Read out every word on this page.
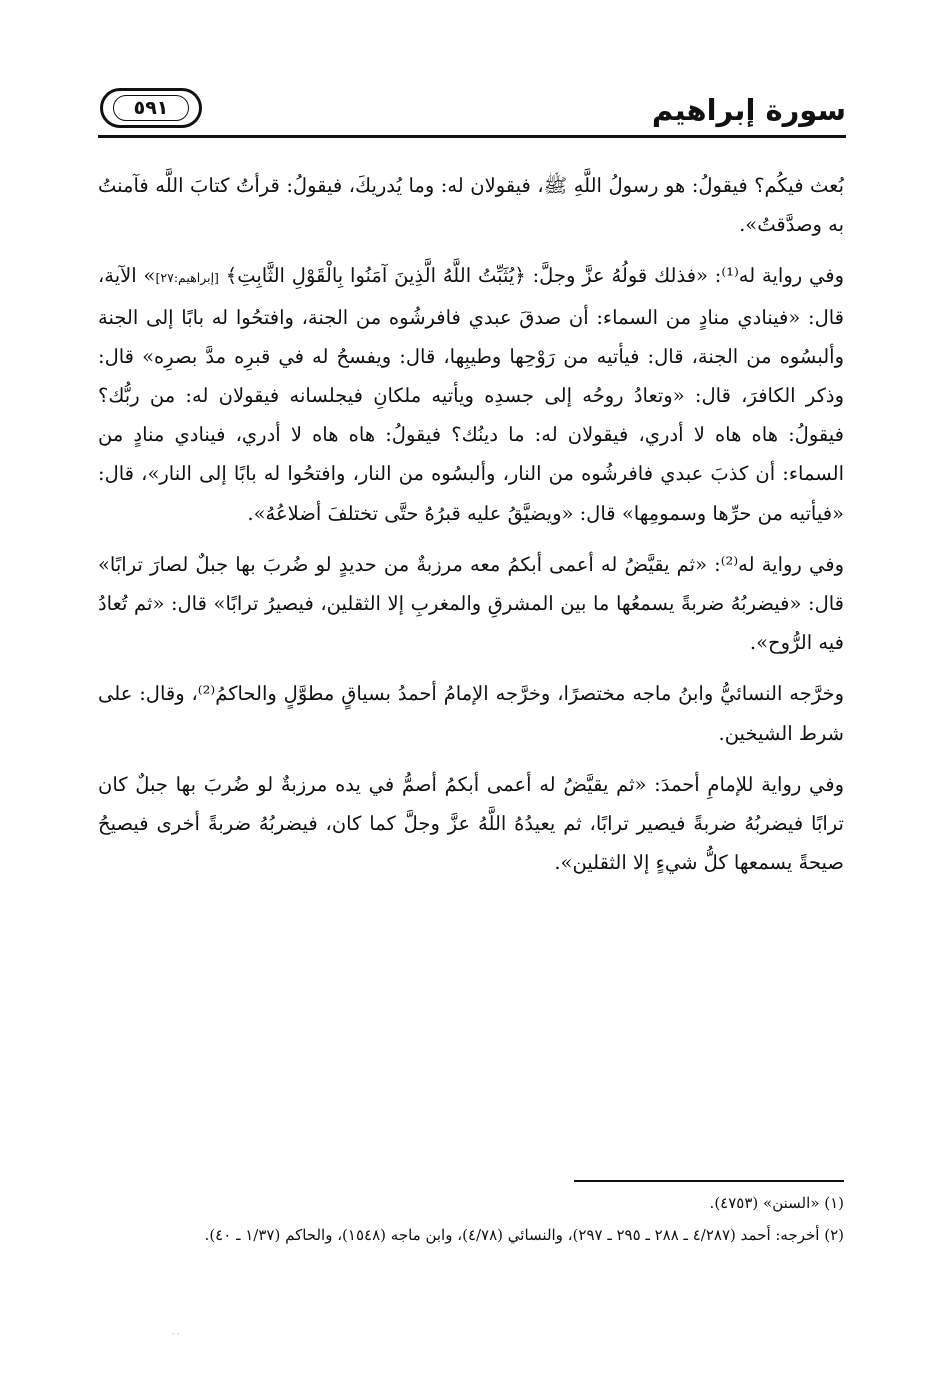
سورة إبراهيم
٥٩١

بُعث فيكُم؟ فيقولُ: هو رسولُ اللَّهِ ﷺ، فيقولان له: وما يُدريكَ، فيقولُ: قرأتُ كتابَ اللَّه فآمنتُ به وصدَّقتُ».

وفي رواية له⁽¹⁾: «فذلك قولُهُ عزَّ وجلَّ: ﴿يُثَبِّتُ اللَّهُ الَّذِينَ آمَنُوا بِالْقَوْلِ الثَّابِتِ﴾ [إبراهيم:٢٧]» الآية، قال: «فينادي منادٍ من السماء: أن صدقَ عبدي فافرشُوه من الجنة، وافتحُوا له بابًا إلى الجنة وألبسُوه من الجنة، قال: فيأتيه من رَوْحِها وطيبِها، قال: ويفسحُ له في قبرِه مدَّ بصرِه» قال: وذكر الكافرَ، قال: «وتعادُ روحُه إلى جسدِه ويأتيه ملكانِ فيجلسانه فيقولان له: من ربُّك؟ فيقولُ: هاه هاه لا أدري، فيقولان له: ما دينُك؟ فيقولُ: هاه هاه لا أدري، فينادي منادٍ من السماء: أن كذبَ عبدي فافرشُوه من النار، وألبسُوه من النار، وافتحُوا له بابًا إلى النار»، قال: «فيأتيه من حرِّها وسمومِها» قال: «ويضيَّقُ عليه قبرُهُ حتَّى تختلفَ أضلاعُهُ».

وفي رواية له⁽²⁾: «ثم يقيَّضُ له أعمى أبكمُ معه مرزبةٌ من حديدٍ لو ضُربَ بها جبلٌ لصارَ ترابًا» قال: «فيضربُهُ ضربةً يسمعُها ما بين المشرقِ والمغربِ إلا الثقلين، فيصيرُ ترابًا» قال: «ثم تُعادُ فيه الرُّوح».

وخرَّجه النسائيُّ وابنُ ماجه مختصرًا، وخرَّجه الإمامُ أحمدُ بسياقٍ مطوَّلٍ والحاكمُ⁽²⁾، وقال: على شرط الشيخين.

وفي رواية للإمامِ أحمدَ: «ثم يقيَّضُ له أعمى أبكمُ أصمُّ في يده مرزبةٌ لو ضُربَ بها جبلٌ كان ترابًا فيضربُهُ ضربةً فيصير ترابًا، ثم يعيدُهُ اللَّهُ عزَّ وجلَّ كما كان، فيضربُهُ ضربةً أخرى فيصيحُ صيحةً يسمعها كلُّ شيءٍ إلا الثقلين».

(١) «السنن» (٤٧٥٣).

(٢) أخرجه: أحمد (٤/٢٨٧ ـ ٢٨٨ ـ ٢٩٥ ـ ٢٩٧)، والنسائي (٤/٧٨)، وابن ماجه (١٥٤٨)، والحاكم (١/٣٧ ـ ٤٠).

· ·
